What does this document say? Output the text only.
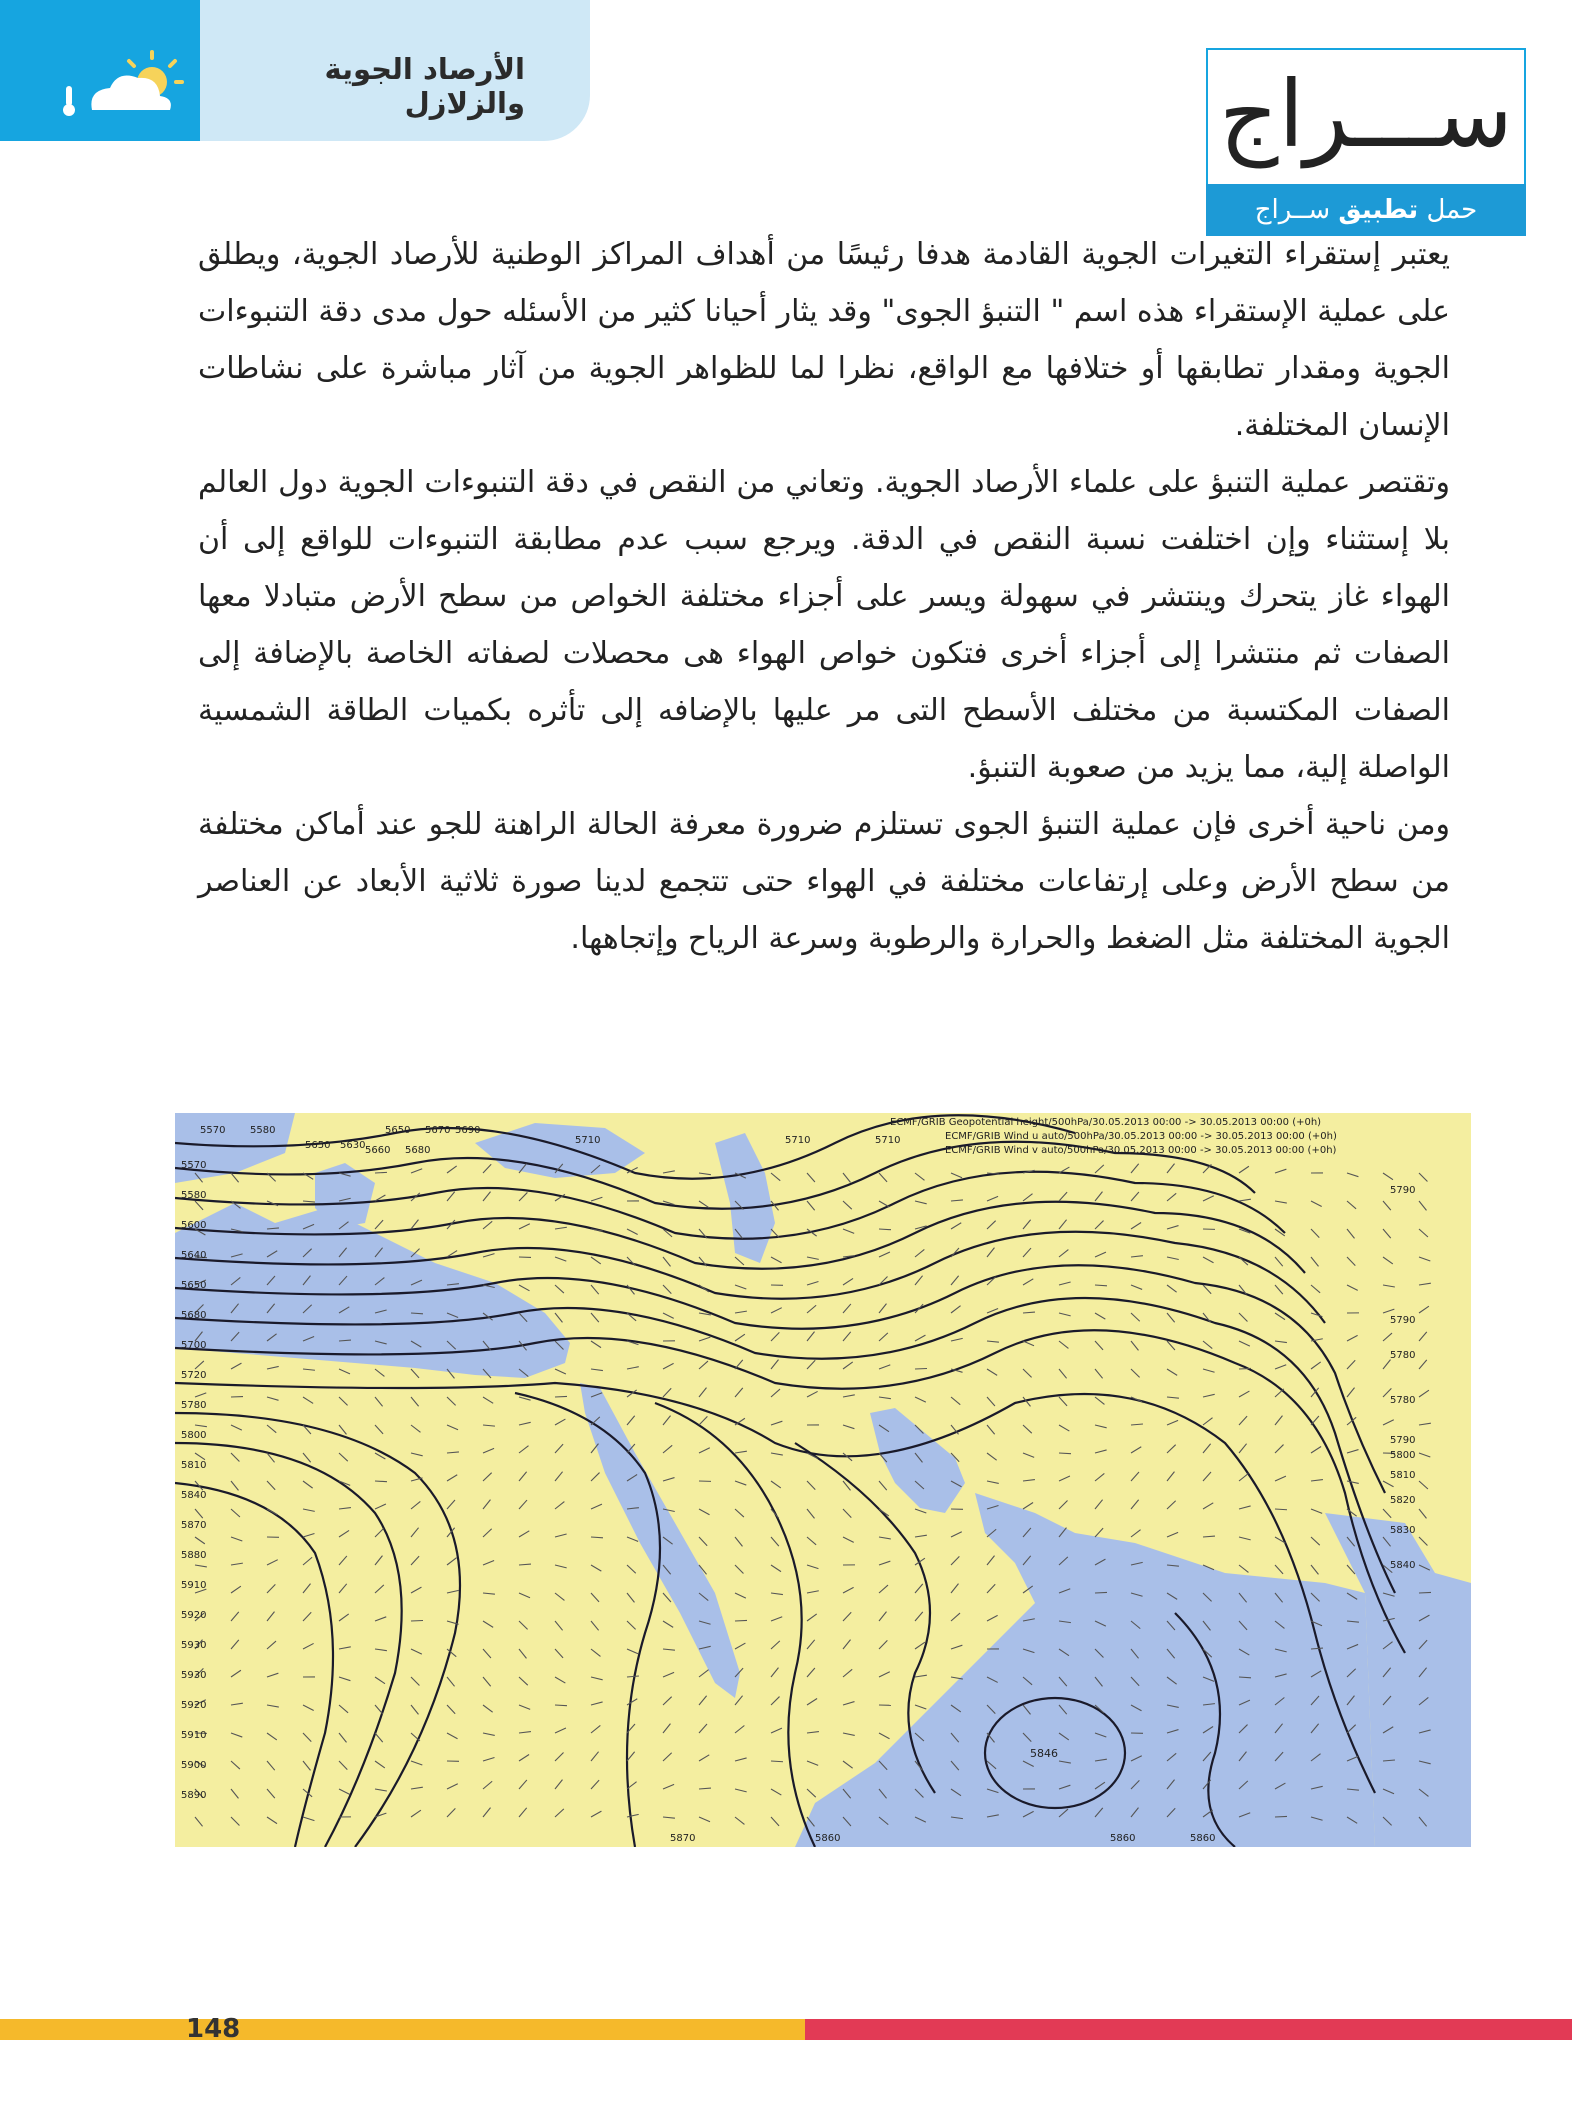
الأرصاد الجوية والزلازل	ســـراج
حمل تطبيق ســراج

يعتبر إستقراء التغيرات الجوية القادمة هدفا رئيسًا من أهداف المراكز الوطنية للأرصاد الجوية، ويطلق على عملية الإستقراء هذه اسم " التنبؤ الجوى" وقد يثار أحيانا كثير من الأسئله حول مدى دقة التنبوءات الجوية ومقدار تطابقها أو ختلافها مع الواقع، نظرا لما للظواهر الجوية من آثار مباشرة على نشاطات الإنسان المختلفة.

وتقتصر عملية التنبؤ على علماء الأرصاد الجوية. وتعاني من النقص في دقة التنبوءات الجوية دول العالم بلا إستثناء وإن اختلفت نسبة النقص في الدقة. ويرجع سبب عدم مطابقة التنبوءات للواقع إلى أن الهواء غاز يتحرك وينتشر في سهولة ويسر على أجزاء مختلفة الخواص من سطح الأرض متبادلا معها الصفات ثم منتشرا إلى أجزاء أخرى فتكون خواص الهواء هى محصلات لصفاته الخاصة بالإضافة إلى الصفات المكتسبة من مختلف الأسطح التى مر عليها بالإضافه إلى تأثره بكميات الطاقة الشمسية الواصلة إلية، مما يزيد من صعوبة التنبؤ.

ومن ناحية أخرى فإن عملية التنبؤ الجوى تستلزم ضرورة معرفة الحالة الراهنة للجو عند أماكن مختلفة من سطح الأرض وعلى إرتفاعات مختلفة في الهواء حتى تتجمع لدينا صورة ثلاثية الأبعاد عن العناصر الجوية المختلفة مثل الضغط والحرارة والرطوبة وسرعة الرياح وإتجاهها.

ECMF/GRIB Geopotential height/500hPa/30.05.2013 00:00 -> 30.05.2013 00:00 (+0h)
ECMF/GRIB Wind u auto/500hPa/30.05.2013 00:00 -> 30.05.2013 00:00 (+0h)
ECMF/GRIB Wind v auto/500hPa/30.05.2013 00:00 -> 30.05.2013 00:00 (+0h)
5570 5580	5650 5670 5690
5650 5630 5660 5680
5710	5710	5710
5570
5580
5600
5640
5650
5680
5700
5720
5780
5800
5810
5840
5870
5880
5910
5920
5930
5930
5920
5910
5900
5890
5790
5790
5780
5780
5790
5800
5810
5820
5830
5840
5870	5860	5860	5860
5846
148
